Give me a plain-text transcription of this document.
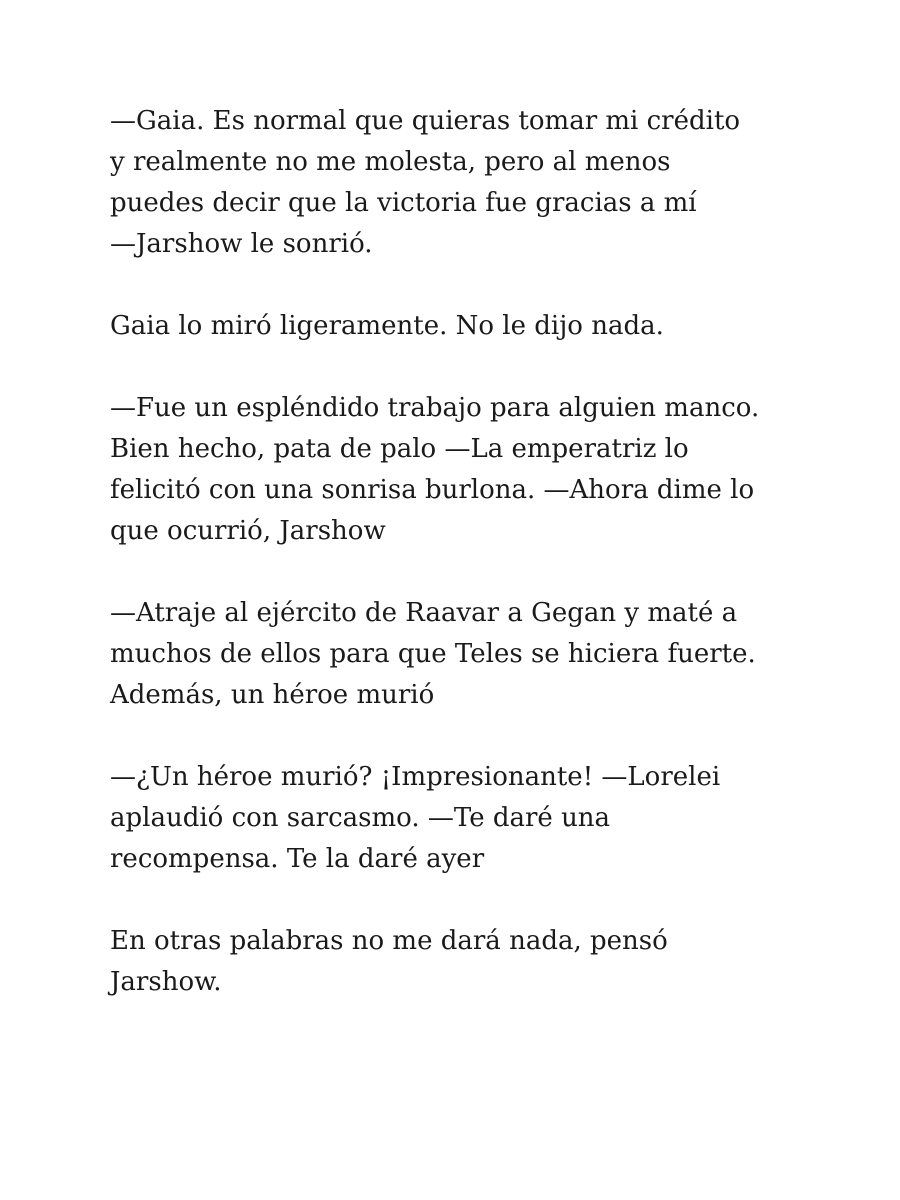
—Gaia. Es normal que quieras tomar mi crédito
y realmente no me molesta, pero al menos
puedes decir que la victoria fue gracias a mí
—Jarshow le sonrió.

Gaia lo miró ligeramente. No le dijo nada.

—Fue un espléndido trabajo para alguien manco.
Bien hecho, pata de palo —La emperatriz lo
felicitó con una sonrisa burlona. —Ahora dime lo
que ocurrió, Jarshow

—Atraje al ejército de Raavar a Gegan y maté a
muchos de ellos para que Teles se hiciera fuerte.
Además, un héroe murió

—¿Un héroe murió? ¡Impresionante! —Lorelei
aplaudió con sarcasmo. —Te daré una
recompensa. Te la daré ayer

En otras palabras no me dará nada, pensó
Jarshow.
